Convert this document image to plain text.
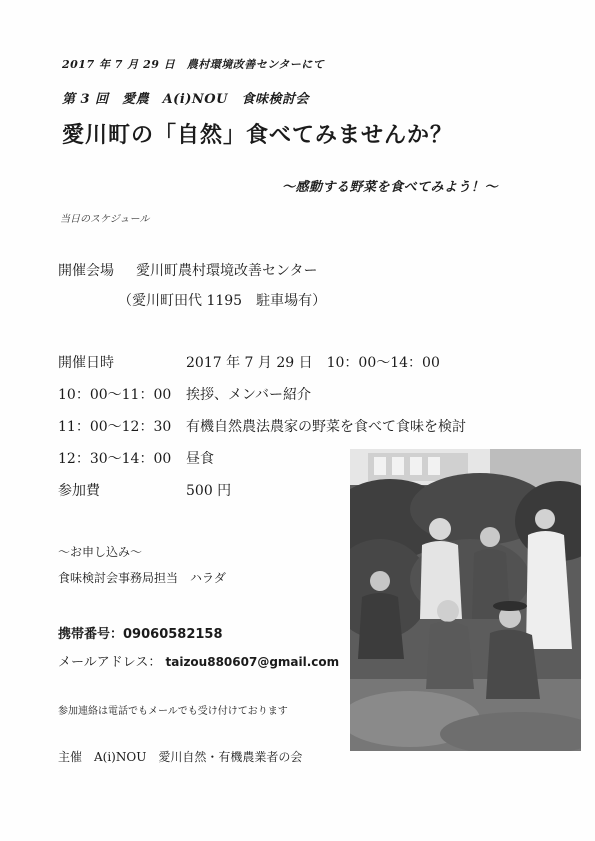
2017 年 7 月 29 日　農村環境改善センターにて
第 3 回　愛農　A(i)NOU　食味検討会
愛川町の「自然」食べてみませんか？
～感動する野菜を食べてみよう！～
当日のスケジュール
開催会場 愛川町農村環境改善センター
（愛川町田代 1195　駐車場有）
開催日時	2017 年 7 月 29 日　10：00～14：00
10：00～11：00 挨拶、メンバー紹介
11：00～12：30 有機自然農法農家の野菜を食べて食味を検討
12：30～14：00 昼食
参加費	500 円
～お申し込み～
食味検討会事務局担当　ハラダ
携帯番号：09060582158
メールアドレス： taizou880607@gmail.com
参加連絡は電話でもメールでも受け付けております
主催　A(i)NOU　愛川自然・有機農業者の会
